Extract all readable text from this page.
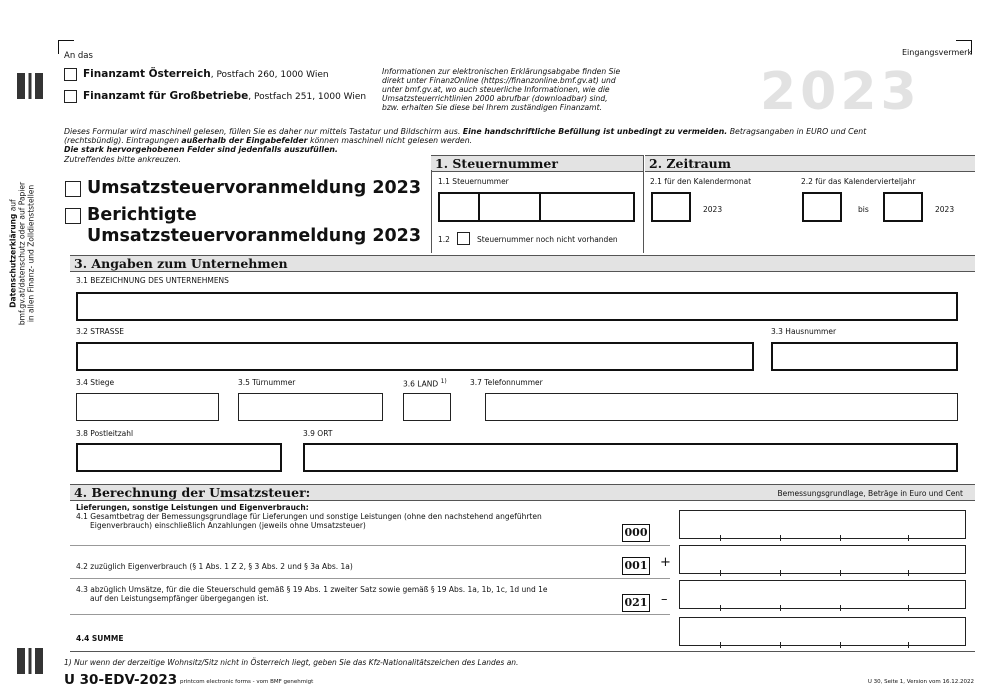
Datenschutzerklärung auf bmf.gv.at/datenschutz oder auf Papier in allen Finanz- und Zolldienststellen
An das
Finanzamt Österreich, Postfach 260, 1000 Wien
Finanzamt für Großbetriebe, Postfach 251, 1000 Wien
Informationen zur elektronischen Erklärungsabgabe finden Sie
direkt unter FinanzOnline (https://finanzonline.bmf.gv.at) und
unter bmf.gv.at, wo auch steuerliche Informationen, wie die
Umsatzsteuerrichtlinien 2000 abrufbar (downloadbar) sind,
bzw. erhalten Sie diese bei Ihrem zuständigen Finanzamt.
Eingangsvermerk
2023
Dieses Formular wird maschinell gelesen, füllen Sie es daher nur mittels Tastatur und Bildschirm aus. Eine handschriftliche Befüllung ist unbedingt zu vermeiden. Betragsangaben in EURO und Cent
(rechtsbündig). Eintragungen außerhalb der Eingabefelder können maschinell nicht gelesen werden.
Die stark hervorgehobenen Felder sind jedenfalls auszufüllen.
Zutreffendes bitte ankreuzen.
Umsatzsteuervoranmeldung 2023
Berichtigte
Umsatzsteuervoranmeldung 2023
1. Steuernummer	2. Zeitraum
1.1 Steuernummer
1.2	Steuernummer noch nicht vorhanden
2.1 für den Kalendermonat
2023
2.2 für das Kalendervierteljahr
bis	2023
3. Angaben zum Unternehmen
3.1 BEZEICHNUNG DES UNTERNEHMENS
3.2 STRASSE	3.3 Hausnummer
3.4 Stiege	3.5 Türnummer	3.6 LAND $^{1)}$	3.7 Telefonnummer
3.8 Postleitzahl	3.9 ORT
4. Berechnung der Umsatzsteuer:	Bemessungsgrundlage, Beträge in Euro und Cent
Lieferungen, sonstige Leistungen und Eigenverbrauch:
4.1 Gesamtbetrag der Bemessungsgrundlage für Lieferungen und sonstige Leistungen (ohne den nachstehend angeführten
Eigenverbrauch) einschließlich Anzahlungen (jeweils ohne Umsatzsteuer)
000
4.2 zuzüglich Eigenverbrauch (§ 1 Abs. 1 Z 2, § 3 Abs. 2 und § 3a Abs. 1a)	001 +
4.3 abzüglich Umsätze, für die die Steuerschuld gemäß § 19 Abs. 1 zweiter Satz sowie gemäß § 19 Abs. 1a, 1b, 1c, 1d und 1e
auf den Leistungsempfänger übergegangen ist.	021 –
4.4 SUMME
1) Nur wenn der derzeitige Wohnsitz/Sitz nicht in Österreich liegt, geben Sie das Kfz-Nationalitätszeichen des Landes an.
U 30-EDV-2023 printcom electronic forms - vom BMF genehmigt	U 30, Seite 1, Version vom 16.12.2022
